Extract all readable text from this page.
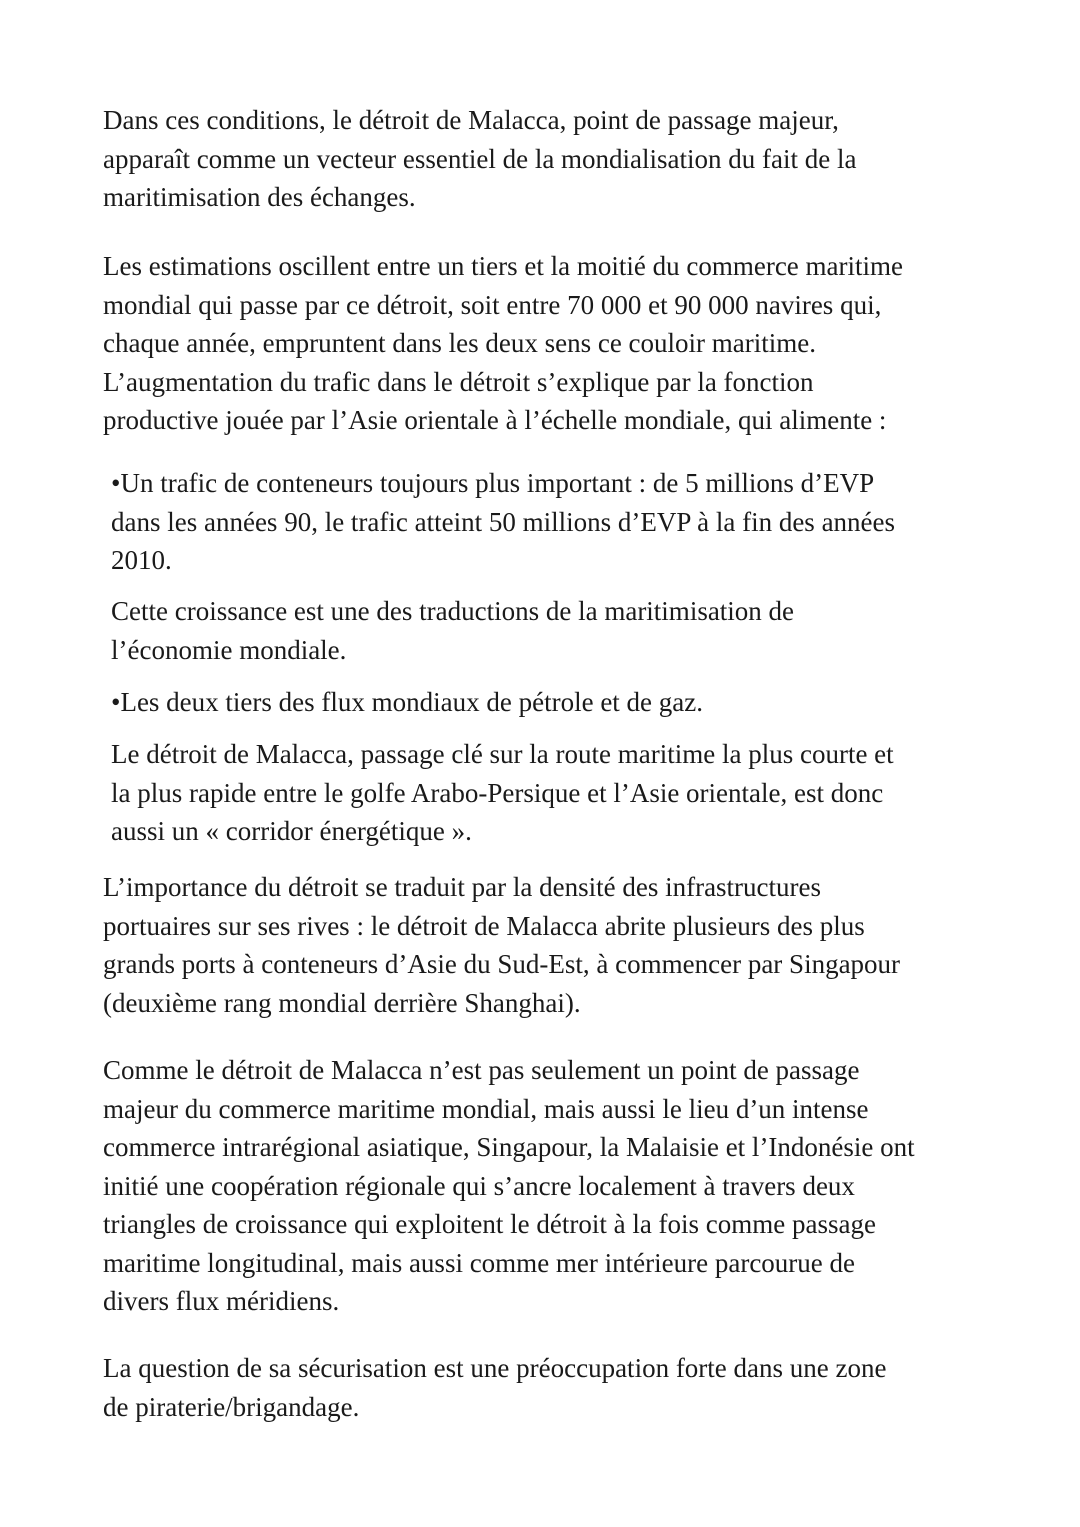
Dans ces conditions, le détroit de Malacca, point de passage majeur,
apparaît comme un vecteur essentiel de la mondialisation du fait de la
maritimisation des échanges.

Les estimations oscillent entre un tiers et la moitié du commerce maritime
mondial qui passe par ce détroit, soit entre 70 000 et 90 000 navires qui,
chaque année, empruntent dans les deux sens ce couloir maritime.
L’augmentation du trafic dans le détroit s’explique par la fonction
productive jouée par l’Asie orientale à l’échelle mondiale, qui alimente :

•Un trafic de conteneurs toujours plus important : de 5 millions d’EVP
dans les années 90, le trafic atteint 50 millions d’EVP à la fin des années
2010.

Cette croissance est une des traductions de la maritimisation de
l’économie mondiale.

•Les deux tiers des flux mondiaux de pétrole et de gaz.

Le détroit de Malacca, passage clé sur la route maritime la plus courte et
la plus rapide entre le golfe Arabo-Persique et l’Asie orientale, est donc
aussi un « corridor énergétique ».

L’importance du détroit se traduit par la densité des infrastructures
portuaires sur ses rives : le détroit de Malacca abrite plusieurs des plus
grands ports à conteneurs d’Asie du Sud-Est, à commencer par Singapour
(deuxième rang mondial derrière Shanghai).

Comme le détroit de Malacca n’est pas seulement un point de passage
majeur du commerce maritime mondial, mais aussi le lieu d’un intense
commerce intrarégional asiatique, Singapour, la Malaisie et l’Indonésie ont
initié une coopération régionale qui s’ancre localement à travers deux
triangles de croissance qui exploitent le détroit à la fois comme passage
maritime longitudinal, mais aussi comme mer intérieure parcourue de
divers flux méridiens.

La question de sa sécurisation est une préoccupation forte dans une zone
de piraterie/brigandage.
